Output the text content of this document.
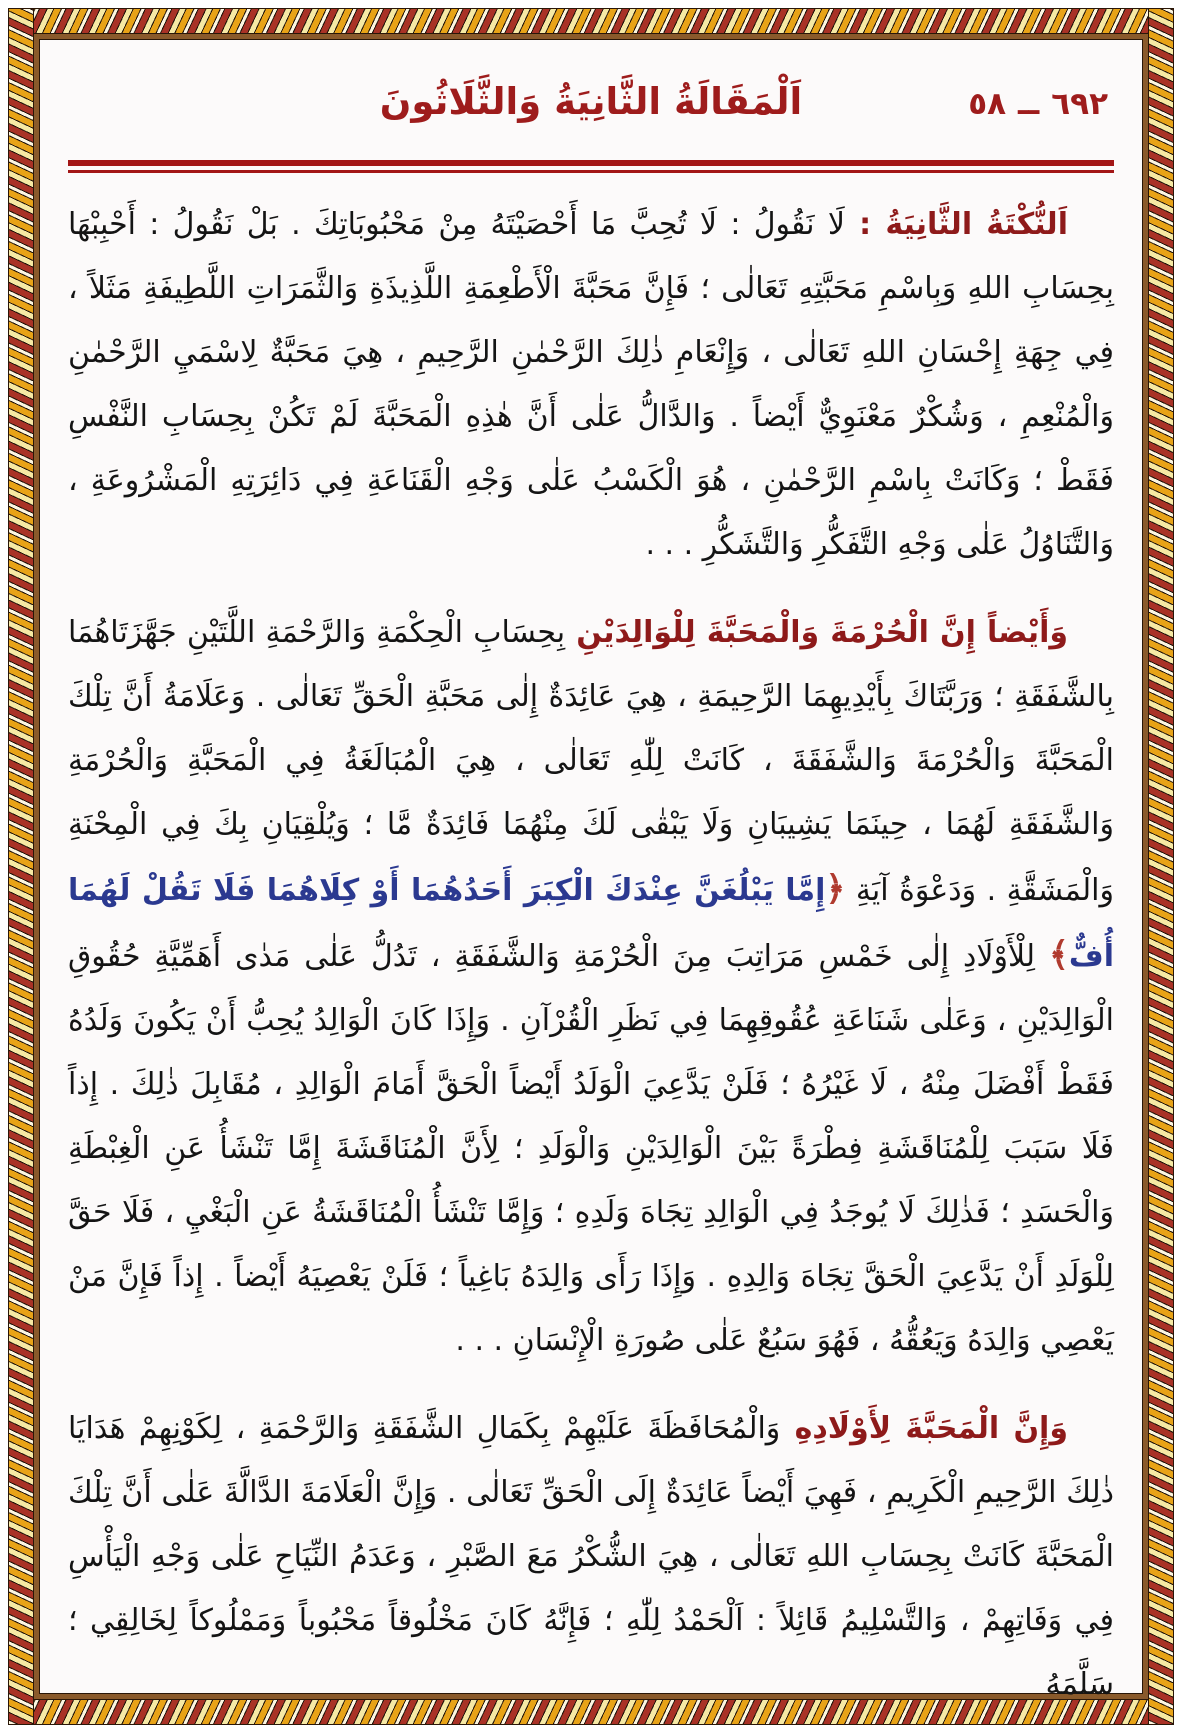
اَلْمَقَالَةُ الثَّانِيَةُ وَالثَّلَاثُونَ	٥٨ ــ ٦٩٢

اَلنُّكْتَةُ الثَّانِيَةُ : لَا نَقُولُ : لَا تُحِبَّ مَا أَحْصَيْتَهُ مِنْ مَحْبُوبَاتِكَ . بَلْ نَقُولُ : أَحْبِبْهَا بِحِسَابِ اللهِ وَبِاسْمِ مَحَبَّتِهِ تَعَالٰى ؛ فَإِنَّ مَحَبَّةَ الْأَطْعِمَةِ اللَّذِيذَةِ وَالثَّمَرَاتِ اللَّطِيفَةِ مَثَلاً ، فِي جِهَةِ إِحْسَانِ اللهِ تَعَالٰى ، وَإِنْعَامِ ذٰلِكَ الرَّحْمٰنِ الرَّحِيمِ ، هِيَ مَحَبَّةٌ لِاسْمَيِ الرَّحْمٰنِ وَالْمُنْعِمِ ، وَشُكْرٌ مَعْنَوِيٌّ أَيْضاً . وَالدَّالُّ عَلٰى أَنَّ هٰذِهِ الْمَحَبَّةَ لَمْ تَكُنْ بِحِسَابِ النَّفْسِ فَقَطْ ؛ وَكَانَتْ بِاسْمِ الرَّحْمٰنِ ، هُوَ الْكَسْبُ عَلٰى وَجْهِ الْقَنَاعَةِ فِي دَائِرَتِهِ الْمَشْرُوعَةِ ، وَالتَّنَاوُلُ عَلٰى وَجْهِ التَّفَكُّرِ وَالتَّشَكُّرِ . . .

وَأَيْضاً إِنَّ الْحُرْمَةَ وَالْمَحَبَّةَ لِلْوَالِدَيْنِ بِحِسَابِ الْحِكْمَةِ وَالرَّحْمَةِ اللَّتَيْنِ جَهَّزَتَاهُمَا بِالشَّفَقَةِ ؛ وَرَبَّتَاكَ بِأَيْدِيهِمَا الرَّحِيمَةِ ، هِيَ عَائِدَةٌ إِلٰى مَحَبَّةِ الْحَقِّ تَعَالٰى . وَعَلَامَةُ أَنَّ تِلْكَ الْمَحَبَّةَ وَالْحُرْمَةَ وَالشَّفَقَةَ ، كَانَتْ لِلّٰهِ تَعَالٰى ، هِيَ الْمُبَالَغَةُ فِي الْمَحَبَّةِ وَالْحُرْمَةِ وَالشَّفَقَةِ لَهُمَا ، حِينَمَا يَشِيبَانِ وَلَا يَبْقٰى لَكَ مِنْهُمَا فَائِدَةٌ مَّا ؛ وَيُلْقِيَانِ بِكَ فِي الْمِحْنَةِ وَالْمَشَقَّةِ . وَدَعْوَةُ آيَةِ ﴿إِمَّا يَبْلُغَنَّ عِنْدَكَ الْكِبَرَ أَحَدُهُمَا أَوْ كِلَاهُمَا فَلَا تَقُلْ لَهُمَا أُفٌّ﴾ لِلْأَوْلَادِ إِلٰى خَمْسِ مَرَاتِبَ مِنَ الْحُرْمَةِ وَالشَّفَقَةِ ، تَدُلُّ عَلٰى مَدٰى أَهَمِّيَّةِ حُقُوقِ الْوَالِدَيْنِ ، وَعَلٰى شَنَاعَةِ عُقُوقِهِمَا فِي نَظَرِ الْقُرْآنِ . وَإِذَا كَانَ الْوَالِدُ يُحِبُّ أَنْ يَكُونَ وَلَدُهُ فَقَطْ أَفْضَلَ مِنْهُ ، لَا غَيْرُهُ ؛ فَلَنْ يَدَّعِيَ الْوَلَدُ أَيْضاً الْحَقَّ أَمَامَ الْوَالِدِ ، مُقَابِلَ ذٰلِكَ . إِذاً فَلَا سَبَبَ لِلْمُنَاقَشَةِ فِطْرَةً بَيْنَ الْوَالِدَيْنِ وَالْوَلَدِ ؛ لِأَنَّ الْمُنَاقَشَةَ إِمَّا تَنْشَأُ عَنِ الْغِبْطَةِ وَالْحَسَدِ ؛ فَذٰلِكَ لَا يُوجَدُ فِي الْوَالِدِ تِجَاهَ وَلَدِهِ ؛ وَإِمَّا تَنْشَأُ الْمُنَاقَشَةُ عَنِ الْبَغْيِ ، فَلَا حَقَّ لِلْوَلَدِ أَنْ يَدَّعِيَ الْحَقَّ تِجَاهَ وَالِدِهِ . وَإِذَا رَأَى وَالِدَهُ بَاغِياً ؛ فَلَنْ يَعْصِيَهُ أَيْضاً . إِذاً فَإِنَّ مَنْ يَعْصِي وَالِدَهُ وَيَعُقُّهُ ، فَهُوَ سَبُعٌ عَلٰى صُورَةِ الْإِنْسَانِ . . .

وَإِنَّ الْمَحَبَّةَ لِأَوْلَادِهِ وَالْمُحَافَظَةَ عَلَيْهِمْ بِكَمَالِ الشَّفَقَةِ وَالرَّحْمَةِ ، لِكَوْنِهِمْ هَدَايَا ذٰلِكَ الرَّحِيمِ الْكَرِيمِ ، فَهِيَ أَيْضاً عَائِدَةٌ إِلَى الْحَقِّ تَعَالٰى . وَإِنَّ الْعَلَامَةَ الدَّالَّةَ عَلٰى أَنَّ تِلْكَ الْمَحَبَّةَ كَانَتْ بِحِسَابِ اللهِ تَعَالٰى ، هِيَ الشُّكْرُ مَعَ الصَّبْرِ ، وَعَدَمُ النِّيَاحِ عَلٰى وَجْهِ الْيَأْسِ فِي وَفَاتِهِمْ ، وَالتَّسْلِيمُ قَائِلاً : اَلْحَمْدُ لِلّٰهِ ؛ فَإِنَّهُ كَانَ مَخْلُوقاً مَحْبُوباً وَمَمْلُوكاً لِخَالِقِي ؛ سَلَّمَهُ
